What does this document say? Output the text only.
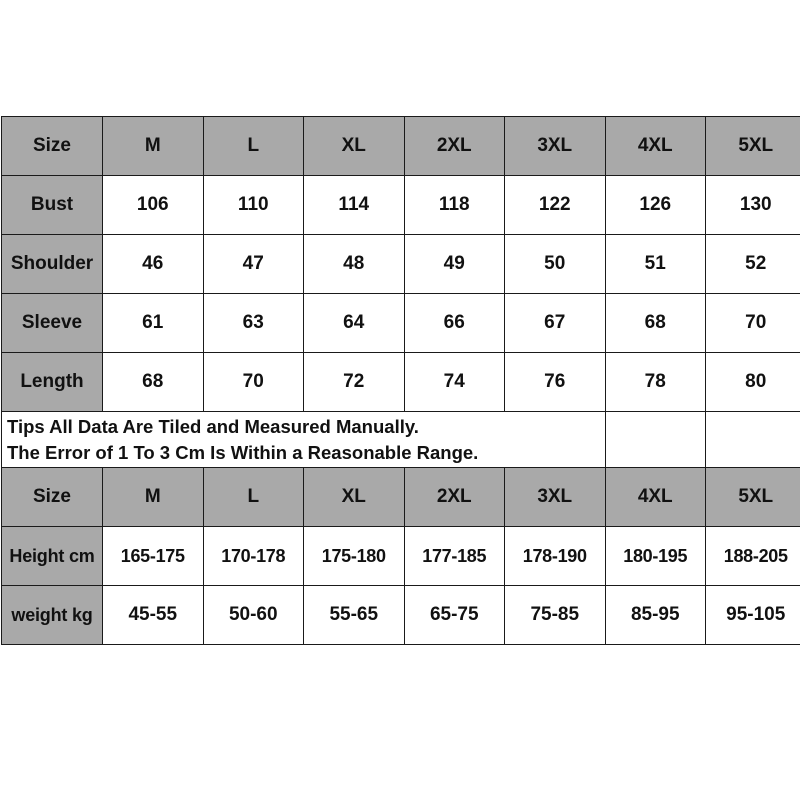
Size	M	L	XL	2XL	3XL	4XL	5XL
Bust	106	110	114	118	122	126	130
Shoulder	46	47	48	49	50	51	52
Sleeve	61	63	64	66	67	68	70
Length	68	70	72	74	76	78	80

Tips All Data Are Tiled and Measured Manually.
The Error of 1 To 3 Cm Is Within a Reasonable Range.							

Size	M	L	XL	2XL	3XL	4XL	5XL
Height cm	165-175	170-178	175-180	177-185	178-190	180-195	188-205
weight kg	45-55	50-60	55-65	65-75	75-85	85-95	95-105
